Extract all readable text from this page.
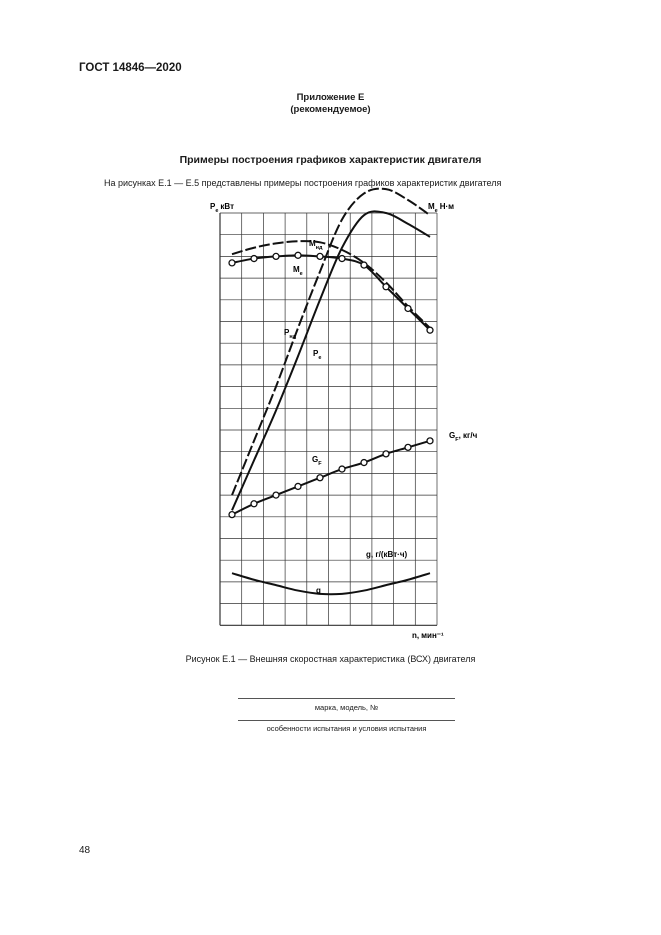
ГОСТ 14846—2020
Приложение Е
(рекомендуемое)
Примеры построения графиков характеристик двигателя
На рисунках Е.1 — Е.5 представлены примеры построения графиков характеристик двигателя
$P_е$ кВт	$M_е$ Н·м
n, мин⁻¹
$M_{нд}$
$M_е$
$P_{нд}$
$P_е$
$G_F$
$G_F$, кг/ч
g
g, г/(кВт·ч)
Рисунок Е.1 — Внешняя скоростная характеристика (ВСХ) двигателя
марка, модель, №
особенности испытания и условия испытания
48
